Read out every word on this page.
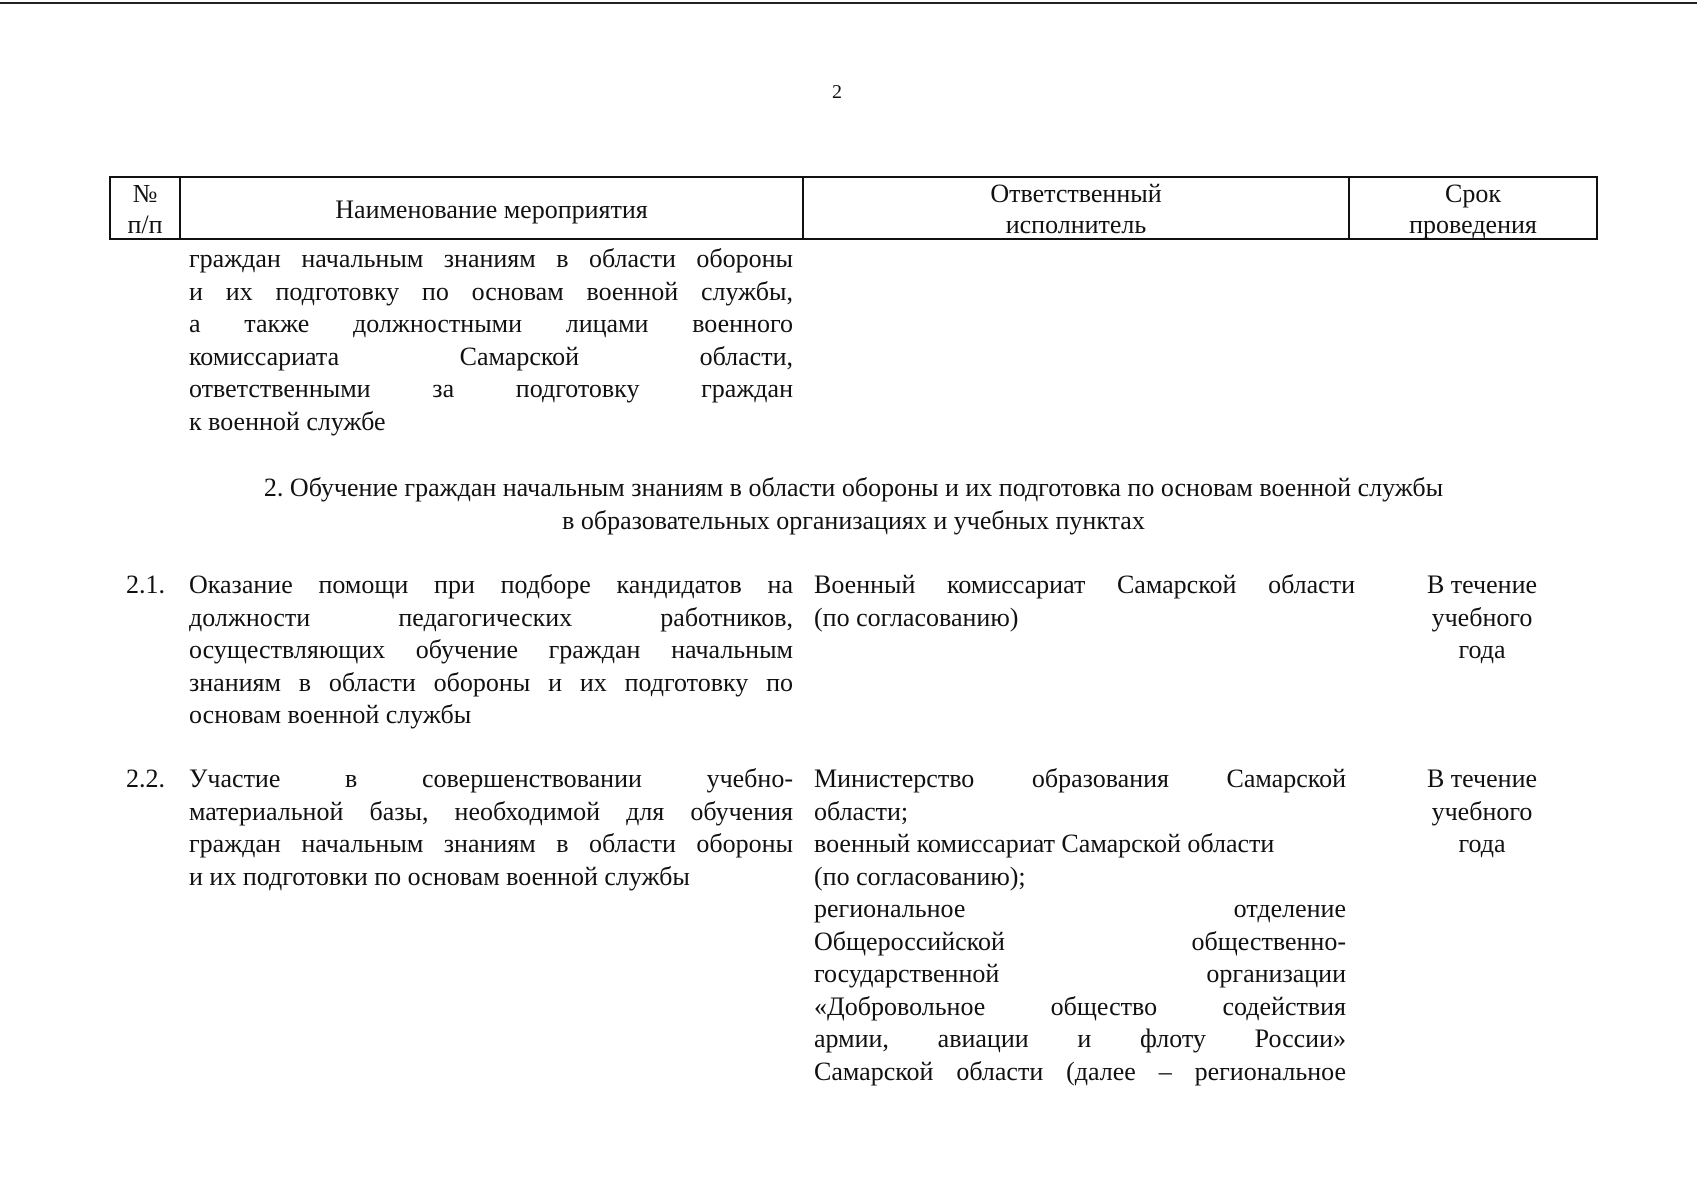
2
№
п/п
Наименование мероприятия
Ответственный
исполнитель
Срок
проведения
граждан начальным знаниям в области обороны
и их подготовку по основам военной службы,
а также должностными лицами военного
комиссариата Самарской области,
ответственными за подготовку граждан
к военной службе
2. Обучение граждан начальным знаниям в области обороны и их подготовка по основам военной службы
в образовательных организациях и учебных пунктах
2.1. Оказание помощи при подборе кандидатов на
должности педагогических работников,
осуществляющих обучение граждан начальным
знаниям в области обороны и их подготовку по
основам военной службы
Военный комиссариат Самарской области
(по согласованию)
В течение
учебного
года
2.2. Участие в совершенствовании учебно-
материальной базы, необходимой для обучения
граждан начальным знаниям в области обороны
и их подготовки по основам военной службы
Министерство образования Самарской
области;
военный комиссариат Самарской области
(по согласованию);
региональное отделение
Общероссийской общественно-
государственной организации
«Добровольное общество содействия
армии, авиации и флоту России»
Самарской области (далее – региональное
В течение
учебного
года
